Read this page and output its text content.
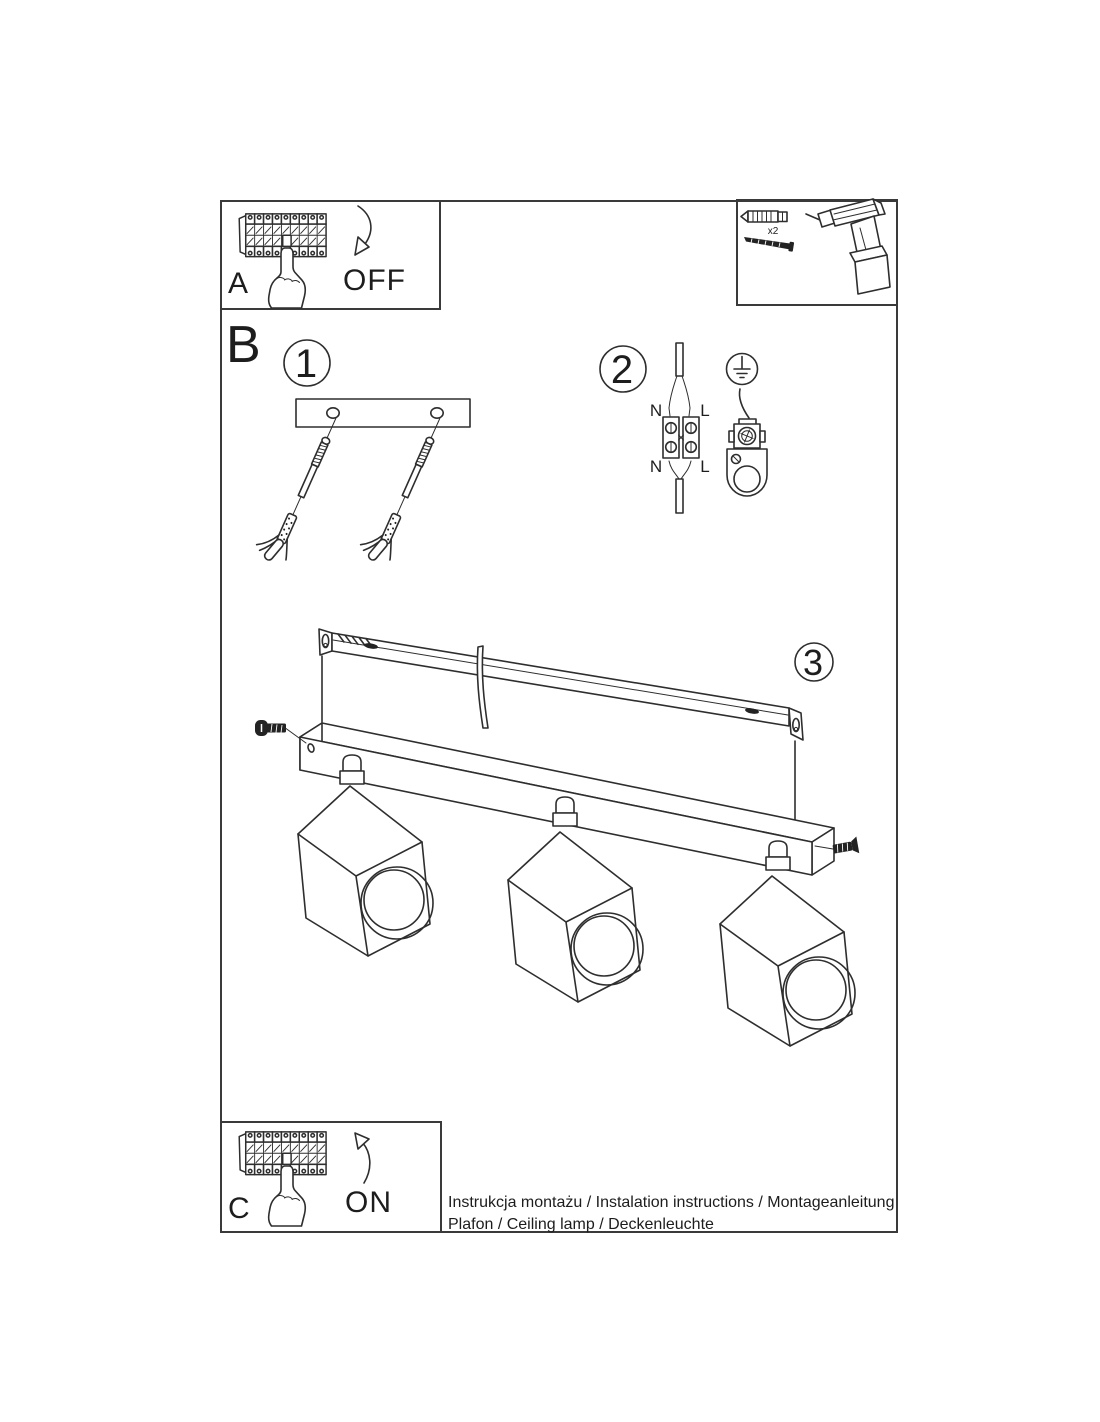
A	OFF
x2
B 1	2
N L
N L
3
C	ON	Instrukcja montażu / Instalation instructions / Montageanleitung
Plafon / Ceiling lamp / Deckenleuchte
